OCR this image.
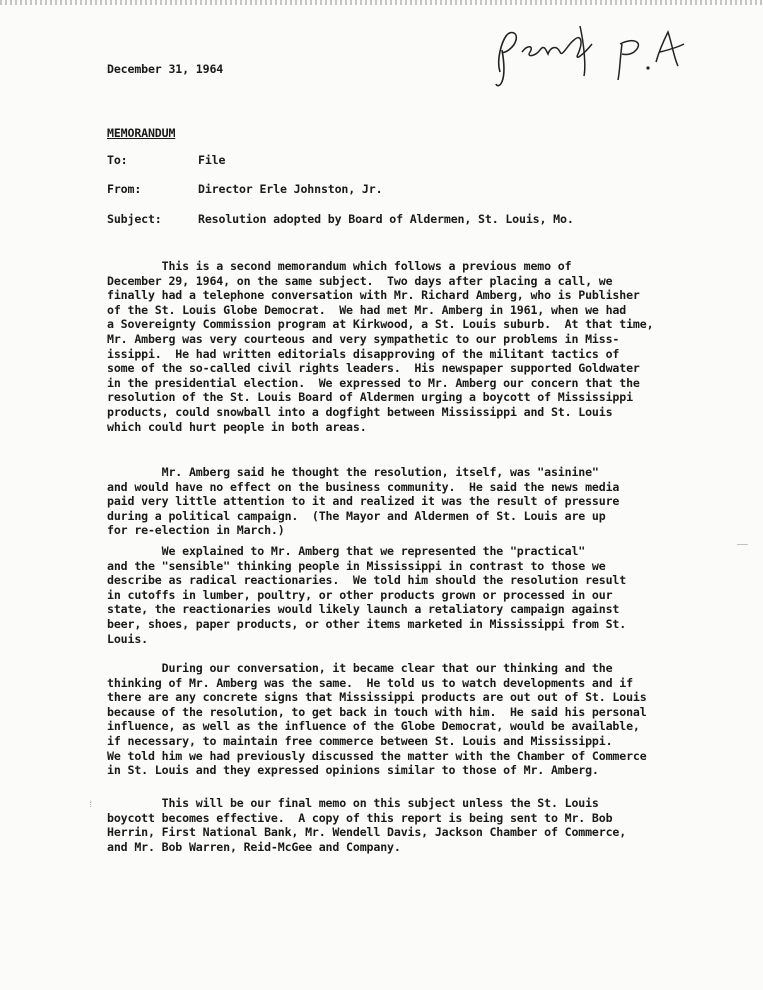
December 31, 1964
MEMORANDUM
To:	File
From:	Director Erle Johnston, Jr.
Subject:	Resolution adopted by Board of Aldermen, St. Louis, Mo.
This is a second memorandum which follows a previous memo of
December 29, 1964, on the same subject.  Two days after placing a call, we
finally had a telephone conversation with Mr. Richard Amberg, who is Publisher
of the St. Louis Globe Democrat.  We had met Mr. Amberg in 1961, when we had
a Sovereignty Commission program at Kirkwood, a St. Louis suburb.  At that time,
Mr. Amberg was very courteous and very sympathetic to our problems in Miss-
issippi.  He had written editorials disapproving of the militant tactics of
some of the so-called civil rights leaders.  His newspaper supported Goldwater
in the presidential election.  We expressed to Mr. Amberg our concern that the
resolution of the St. Louis Board of Aldermen urging a boycott of Mississippi
products, could snowball into a dogfight between Mississippi and St. Louis
which could hurt people in both areas.
Mr. Amberg said he thought the resolution, itself, was "asinine"
and would have no effect on the business community.  He said the news media
paid very little attention to it and realized it was the result of pressure
during a political campaign.  (The Mayor and Aldermen of St. Louis are up
for re-election in March.)
We explained to Mr. Amberg that we represented the "practical"
and the "sensible" thinking people in Mississippi in contrast to those we
describe as radical reactionaries.  We told him should the resolution result
in cutoffs in lumber, poultry, or other products grown or processed in our
state, the reactionaries would likely launch a retaliatory campaign against
beer, shoes, paper products, or other items marketed in Mississippi from St.
Louis.
During our conversation, it became clear that our thinking and the
thinking of Mr. Amberg was the same.  He told us to watch developments and if
there are any concrete signs that Mississippi products are out out of St. Louis
because of the resolution, to get back in touch with him.  He said his personal
influence, as well as the influence of the Globe Democrat, would be available,
if necessary, to maintain free commerce between St. Louis and Mississippi.
We told him we had previously discussed the matter with the Chamber of Commerce
in St. Louis and they expressed opinions similar to those of Mr. Amberg.
This will be our final memo on this subject unless the St. Louis
boycott becomes effective.  A copy of this report is being sent to Mr. Bob
Herrin, First National Bank, Mr. Wendell Davis, Jackson Chamber of Commerce,
and Mr. Bob Warren, Reid-McGee and Company.
––
⁞
